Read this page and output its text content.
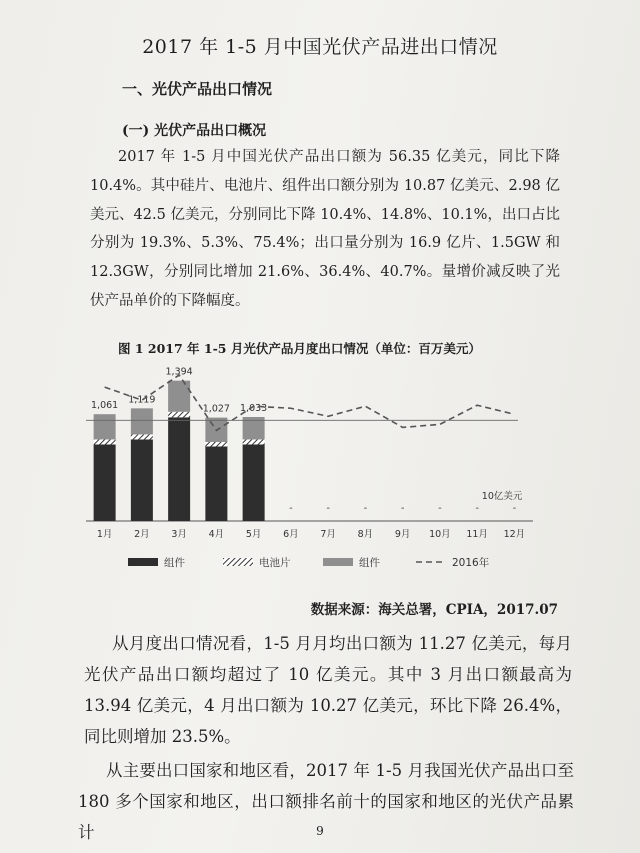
2017 年 1-5 月中国光伏产品进出口情况
一、光伏产品出口情况
(一) 光伏产品出口概况
2017 年 1-5 月中国光伏产品出口额为 56.35 亿美元，同比下降 10.4%。其中硅片、电池片、组件出口额分别为 10.87 亿美元、2.98 亿美元、42.5 亿美元，分别同比下降 10.4%、14.8%、10.1%，出口占比分别为 19.3%、5.3%、75.4%；出口量分别为 16.9 亿片、1.5GW 和 12.3GW，分别同比增加 21.6%、36.4%、40.7%。量增价减反映了光伏产品单价的下降幅度。
图 1 2017 年 1-5 月光伏产品月度出口情况（单位：百万美元）
1,061
1,119
1,394
1,027 1,033
-	-	-	-	-	-	-
10亿美元
1月 2月 3月 4月 5月 6月 7月 8月 9月 10月 11月 12月
组件	电池片	组件	2016年
数据来源：海关总署，CPIA，2017.07
从月度出口情况看，1-5 月月均出口额为 11.27 亿美元，每月光伏产品出口额均超过了 10 亿美元。其中 3 月出口额最高为 13.94 亿美元，4 月出口额为 10.27 亿美元，环比下降 26.4%，同比则增加 23.5%。
从主要出口国家和地区看，2017 年 1-5 月我国光伏产品出口至 180 多个国家和地区，出口额排名前十的国家和地区的光伏产品累计	9
